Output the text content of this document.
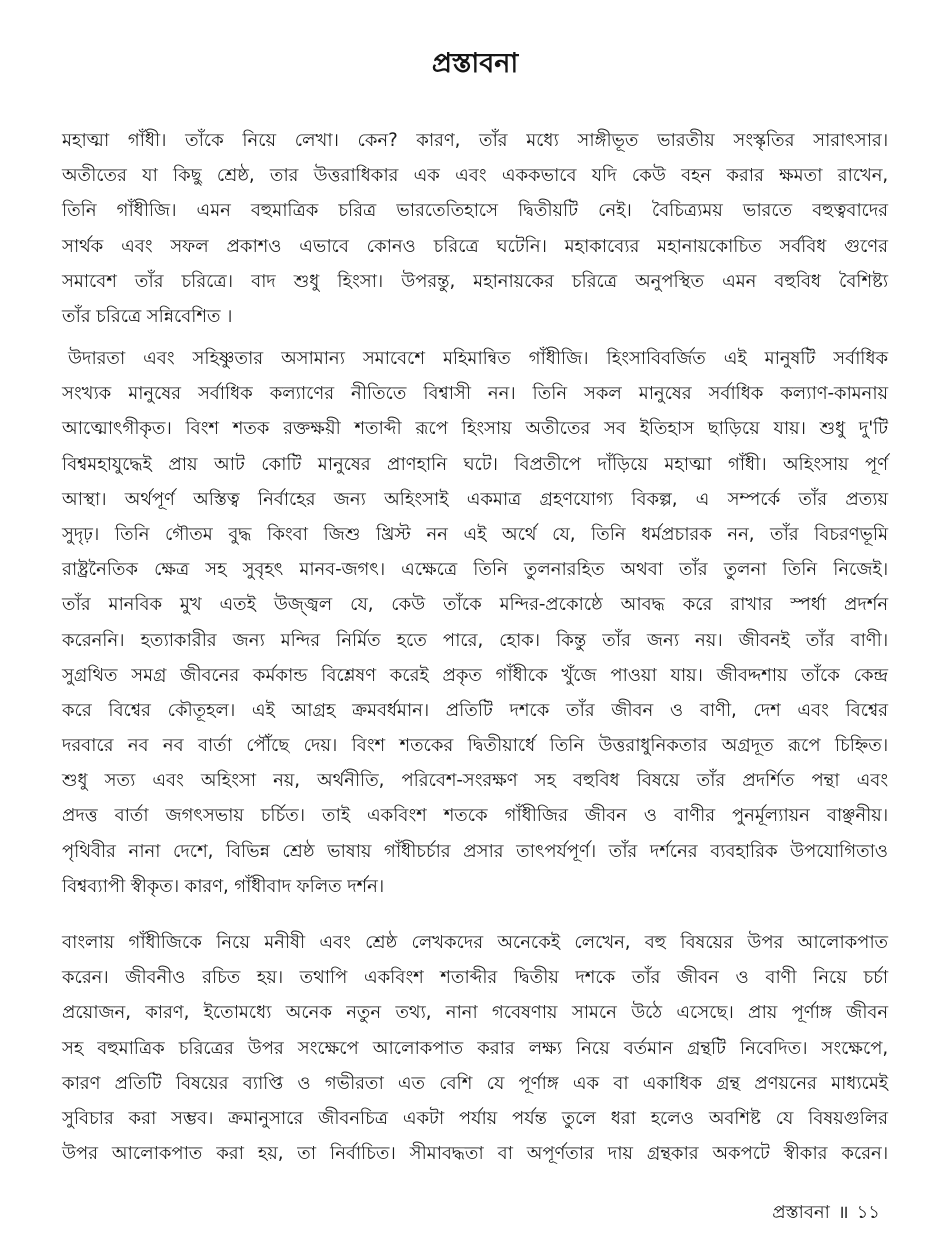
প্রস্তাবনা
মহাত্মা গাঁধী। তাঁকে নিয়ে লেখা। কেন? কারণ, তাঁর মধ্যে সাঙ্গীভূত ভারতীয় সংস্কৃতির সারাৎসার।
অতীতের যা কিছু শ্রেষ্ঠ, তার উত্তরাধিকার এক এবং এককভাবে যদি কেউ বহন করার ক্ষমতা রাখেন,
তিনি গাঁধীজি। এমন বহুমাত্রিক চরিত্র ভারতেতিহাসে দ্বিতীয়টি নেই। বৈচিত্র্যময় ভারতে বহুত্ববাদের
সার্থক এবং সফল প্রকাশও এভাবে কোনও চরিত্রে ঘটেনি। মহাকাব্যের মহানায়কোচিত সর্ববিধ গুণের
সমাবেশ তাঁর চরিত্রে। বাদ শুধু হিংসা। উপরন্তু, মহানায়কের চরিত্রে অনুপস্থিত এমন বহুবিধ বৈশিষ্ট্য
তাঁর চরিত্রে সন্নিবেশিত ।
উদারতা এবং সহিষ্ণুতার অসামান্য সমাবেশে মহিমান্বিত গাঁধীজি। হিংসাবিবর্জিত এই মানুষটি সর্বাধিক
সংখ্যক মানুষের সর্বাধিক কল্যাণের নীতিতে বিশ্বাসী নন। তিনি সকল মানুষের সর্বাধিক কল্যাণ-কামনায়
আত্মোৎগীকৃত। বিংশ শতক রক্তক্ষয়ী শতাব্দী রূপে হিংসায় অতীতের সব ইতিহাস ছাড়িয়ে যায়। শুধু দু'টি
বিশ্বমহাযুদ্ধেই প্রায় আট কোটি মানুষের প্রাণহানি ঘটে। বিপ্রতীপে দাঁড়িয়ে মহাত্মা গাঁধী। অহিংসায় পূর্ণ
আস্থা। অর্থপূর্ণ অস্তিত্ব নির্বাহের জন্য অহিংসাই একমাত্র গ্রহণযোগ্য বিকল্প, এ সম্পর্কে তাঁর প্রত্যয়
সুদৃঢ়। তিনি গৌতম বুদ্ধ কিংবা জিশু খ্রিস্ট নন এই অর্থে যে, তিনি ধর্মপ্রচারক নন, তাঁর বিচরণভূমি
রাষ্ট্রনৈতিক ক্ষেত্র সহ সুবৃহৎ মানব-জগৎ। এক্ষেত্রে তিনি তুলনারহিত অথবা তাঁর তুলনা তিনি নিজেই।
তাঁর মানবিক মুখ এতই উজ্জ্বল যে, কেউ তাঁকে মন্দির-প্রকোষ্ঠে আবদ্ধ করে রাখার স্পর্ধা প্রদর্শন
করেননি। হত্যাকারীর জন্য মন্দির নির্মিত হতে পারে, হোক। কিন্তু তাঁর জন্য নয়। জীবনই তাঁর বাণী।
সুগ্রথিত সমগ্র জীবনের কর্মকান্ড বিশ্লেষণ করেই প্রকৃত গাঁধীকে খুঁজে পাওয়া যায়। জীবদ্দশায় তাঁকে কেন্দ্র
করে বিশ্বের কৌতূহল। এই আগ্রহ ক্রমবর্ধমান। প্রতিটি দশকে তাঁর জীবন ও বাণী, দেশ এবং বিশ্বের
দরবারে নব নব বার্তা পৌঁছে দেয়। বিংশ শতকের দ্বিতীয়ার্ধে তিনি উত্তরাধুনিকতার অগ্রদূত রূপে চিহ্নিত।
শুধু সত্য এবং অহিংসা নয়, অর্থনীতি, পরিবেশ-সংরক্ষণ সহ বহুবিধ বিষয়ে তাঁর প্রদর্শিত পন্থা এবং
প্রদত্ত বার্তা জগৎসভায় চর্চিত। তাই একবিংশ শতকে গাঁধীজির জীবন ও বাণীর পুনর্মূল্যায়ন বাঞ্ছনীয়।
পৃথিবীর নানা দেশে, বিভিন্ন শ্রেষ্ঠ ভাষায় গাঁধীচর্চার প্রসার তাৎপর্যপূর্ণ। তাঁর দর্শনের ব্যবহারিক উপযোগিতাও
বিশ্বব্যাপী স্বীকৃত। কারণ, গাঁধীবাদ ফলিত দর্শন।
বাংলায় গাঁধীজিকে নিয়ে মনীষী এবং শ্রেষ্ঠ লেখকদের অনেকেই লেখেন, বহু বিষয়ের উপর আলোকপাত
করেন। জীবনীও রচিত হয়। তথাপি একবিংশ শতাব্দীর দ্বিতীয় দশকে তাঁর জীবন ও বাণী নিয়ে চর্চা
প্রয়োজন, কারণ, ইতোমধ্যে অনেক নতুন তথ্য, নানা গবেষণায় সামনে উঠে এসেছে। প্রায় পূর্ণাঙ্গ জীবন
সহ বহুমাত্রিক চরিত্রের উপর সংক্ষেপে আলোকপাত করার লক্ষ্য নিয়ে বর্তমান গ্রন্থটি নিবেদিত। সংক্ষেপে,
কারণ প্রতিটি বিষয়ের ব্যাপ্তি ও গভীরতা এত বেশি যে পূর্ণাঙ্গ এক বা একাধিক গ্রন্থ প্রণয়নের মাধ্যমেই
সুবিচার করা সম্ভব। ক্রমানুসারে জীবনচিত্র একটা পর্যায় পর্যন্ত তুলে ধরা হলেও অবশিষ্ট যে বিষয়গুলির
উপর আলোকপাত করা হয়, তা নির্বাচিত। সীমাবদ্ধতা বা অপূর্ণতার দায় গ্রন্থকার অকপটে স্বীকার করেন।
প্রস্তাবনা ॥ ১১
